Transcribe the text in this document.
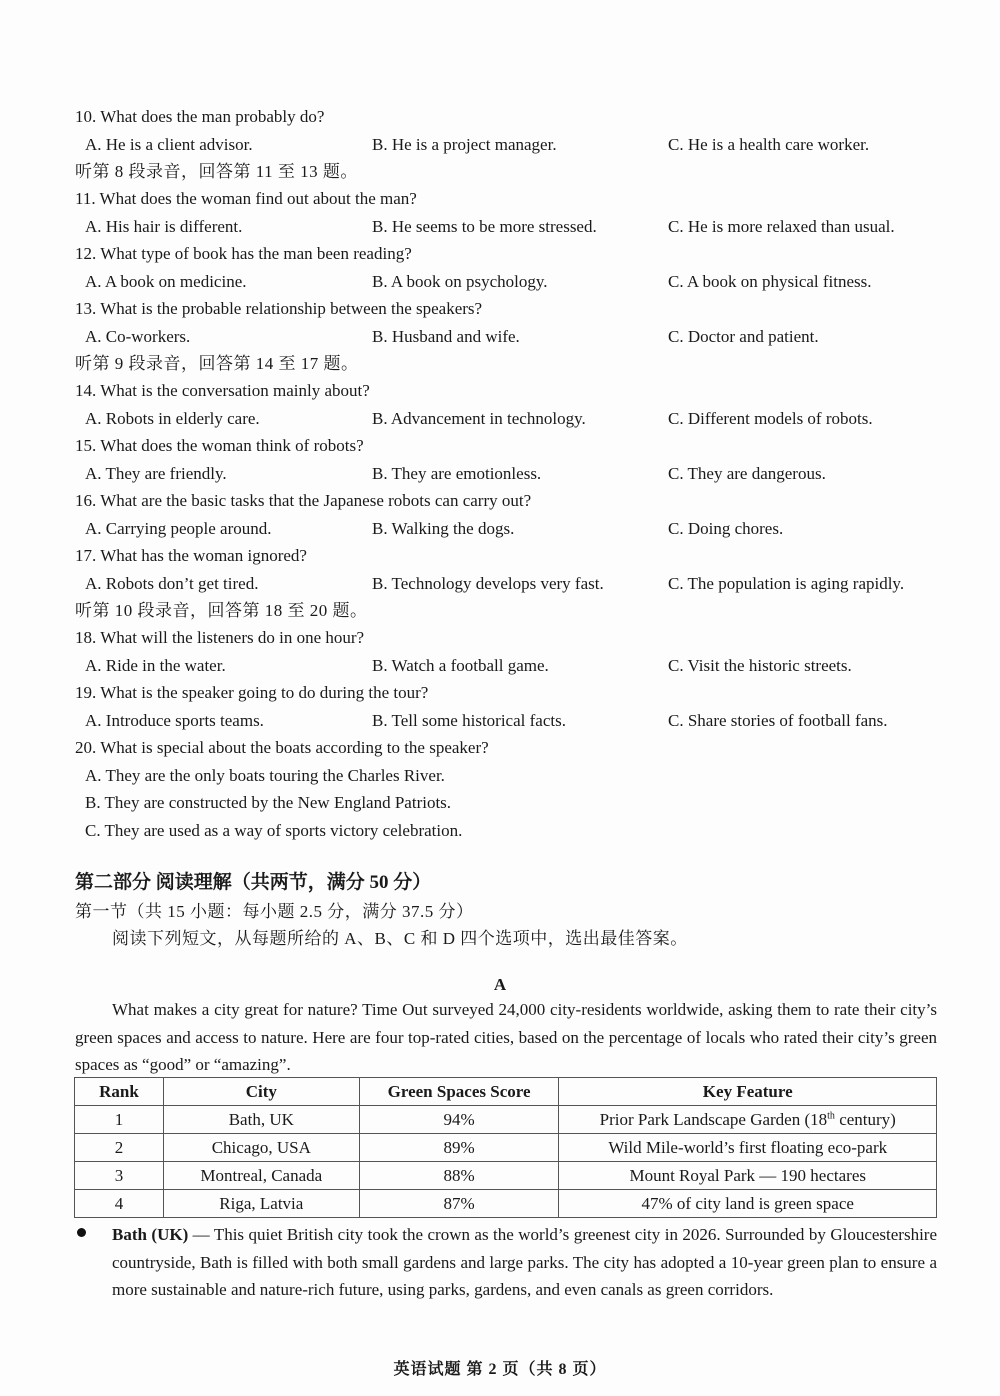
10. What does the man probably do?
A. He is a client advisor.	B. He is a project manager.	C. He is a health care worker.
听第 8 段录音，回答第 11 至 13 题。
11. What does the woman find out about the man?
A. His hair is different.	B. He seems to be more stressed.	C. He is more relaxed than usual.
12. What type of book has the man been reading?
A. A book on medicine.	B. A book on psychology.	C. A book on physical fitness.
13. What is the probable relationship between the speakers?
A. Co-workers.	B. Husband and wife.	C. Doctor and patient.
听第 9 段录音，回答第 14 至 17 题。
14. What is the conversation mainly about?
A. Robots in elderly care.	B. Advancement in technology.	C. Different models of robots.
15. What does the woman think of robots?
A. They are friendly.	B. They are emotionless.	C. They are dangerous.
16. What are the basic tasks that the Japanese robots can carry out?
A. Carrying people around.	B. Walking the dogs.	C. Doing chores.
17. What has the woman ignored?
A. Robots don’t get tired.	B. Technology develops very fast.	C. The population is aging rapidly.
听第 10 段录音，回答第 18 至 20 题。
18. What will the listeners do in one hour?
A. Ride in the water.	B. Watch a football game.	C. Visit the historic streets.
19. What is the speaker going to do during the tour?
A. Introduce sports teams.	B. Tell some historical facts.	C. Share stories of football fans.
20. What is special about the boats according to the speaker?
A. They are the only boats touring the Charles River.
B. They are constructed by the New England Patriots.
C. They are used as a way of sports victory celebration.
第二部分 阅读理解（共两节，满分 50 分）
第一节（共 15 小题：每小题 2.5 分，满分 37.5 分）
阅读下列短文，从每题所给的 A、B、C 和 D 四个选项中，选出最佳答案。
A
What makes a city great for nature? Time Out surveyed 24,000 city-residents worldwide, asking them to rate their city’s green spaces and access to nature. Here are four top-rated cities, based on the percentage of locals who rated their city’s green spaces as “good” or “amazing”.
Rank	City	Green Spaces Score	Key Feature
1	Bath, UK	94%	Prior Park Landscape Garden (18th century)
2	Chicago, USA	89%	Wild Mile-world’s first floating eco-park
3	Montreal, Canada	88%	Mount Royal Park — 190 hectares
4	Riga, Latvia	87%	47% of city land is green space
Bath (UK) — This quiet British city took the crown as the world’s greenest city in 2026. Surrounded by Gloucestershire countryside, Bath is filled with both small gardens and large parks. The city has adopted a 10-year green plan to ensure a more sustainable and nature-rich future, using parks, gardens, and even canals as green corridors.
英语试题 第 2 页（共 8 页）
